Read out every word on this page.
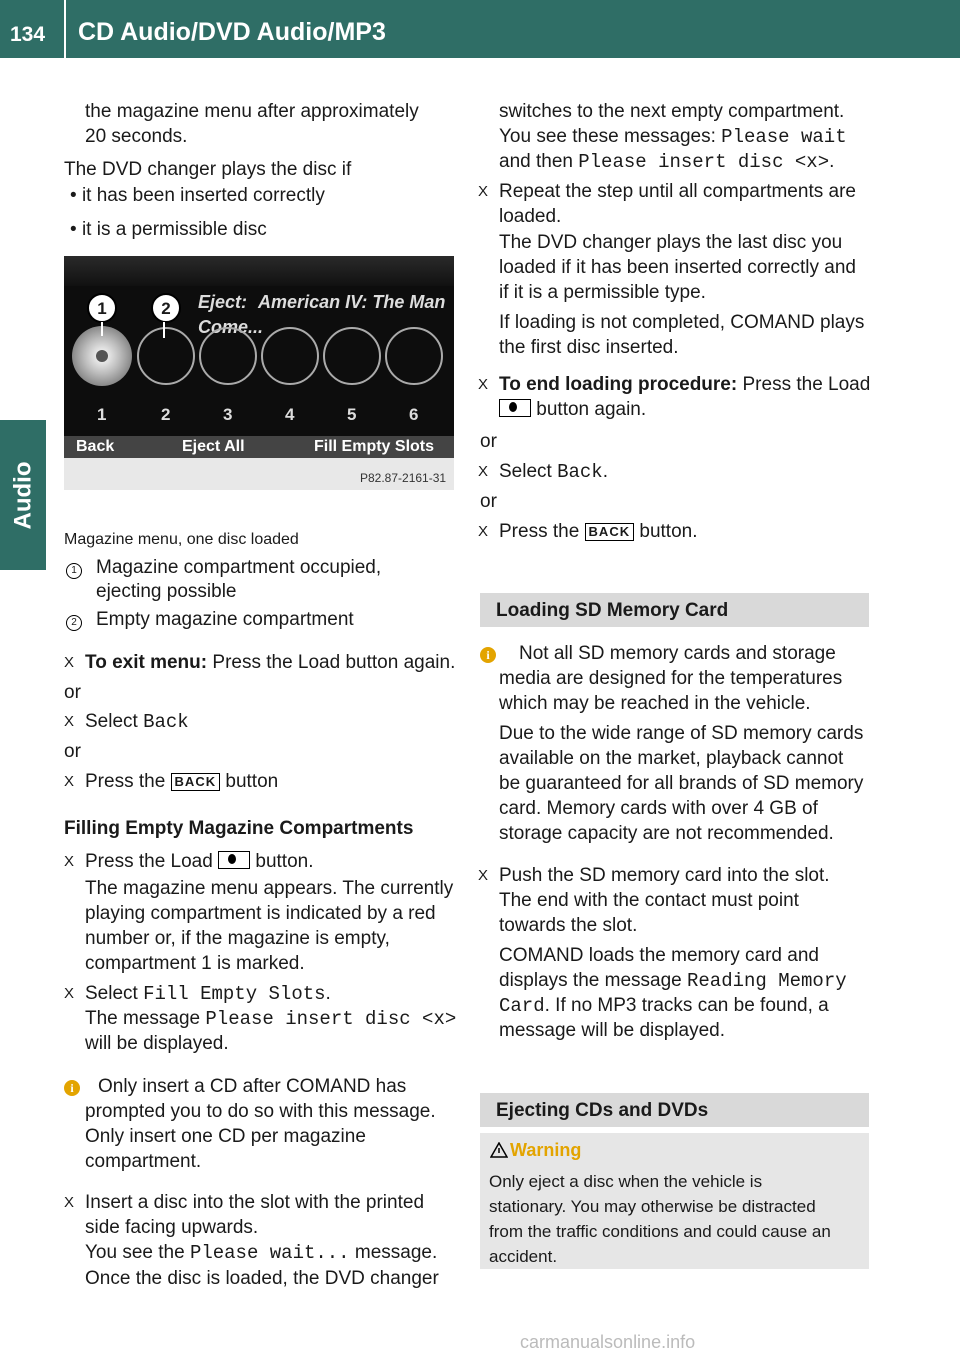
134 CD Audio/DVD Audio/MP3
Audio
the magazine menu after approximately
20 seconds.
The DVD changer plays the disc if
• it has been inserted correctly
• it is a permissible disc
Eject: American IV: The Man Come...
1	2
1	2	3	4	5	6
Back	Eject All	Fill Empty Slots
P82.87-2161-31
Magazine menu, one disc loaded
1 Magazine compartment occupied,
ejecting possible
2 Empty magazine compartment
X To exit menu: Press the Load button again.
or
X Select Back
or
X Press the BACK button
Filling Empty Magazine Compartments
X Press the Load button.
The magazine menu appears. The currently
playing compartment is indicated by a red
number or, if the magazine is empty,
compartment 1 is marked.
X Select Fill Empty Slots.
The message Please insert disc <x>
will be displayed.
i	Only insert a CD after COMAND has
prompted you to do so with this message.
Only insert one CD per magazine
compartment.
X Insert a disc into the slot with the printed
side facing upwards.
You see the Please wait... message.
Once the disc is loaded, the DVD changer
switches to the next empty compartment.
You see these messages: Please wait
and then Please insert disc <x>.
X Repeat the step until all compartments are
loaded.
The DVD changer plays the last disc you
loaded if it has been inserted correctly and
if it is a permissible type.
If loading is not completed, COMAND plays
the first disc inserted.
X To end loading procedure: Press the Load
button again.
or
X Select Back.
or
X Press the BACK button.
Loading SD Memory Card
i	Not all SD memory cards and storage
media are designed for the temperatures
which may be reached in the vehicle.
Due to the wide range of SD memory cards
available on the market, playback cannot
be guaranteed for all brands of SD memory
card. Memory cards with over 4 GB of
storage capacity are not recommended.
X Push the SD memory card into the slot.
The end with the contact must point
towards the slot.
COMAND loads the memory card and
displays the message Reading Memory
Card. If no MP3 tracks can be found, a
message will be displayed.
Ejecting CDs and DVDs
Warning
Only eject a disc when the vehicle is
stationary. You may otherwise be distracted
from the traffic conditions and could cause an
accident.
carmanualsonline.info
